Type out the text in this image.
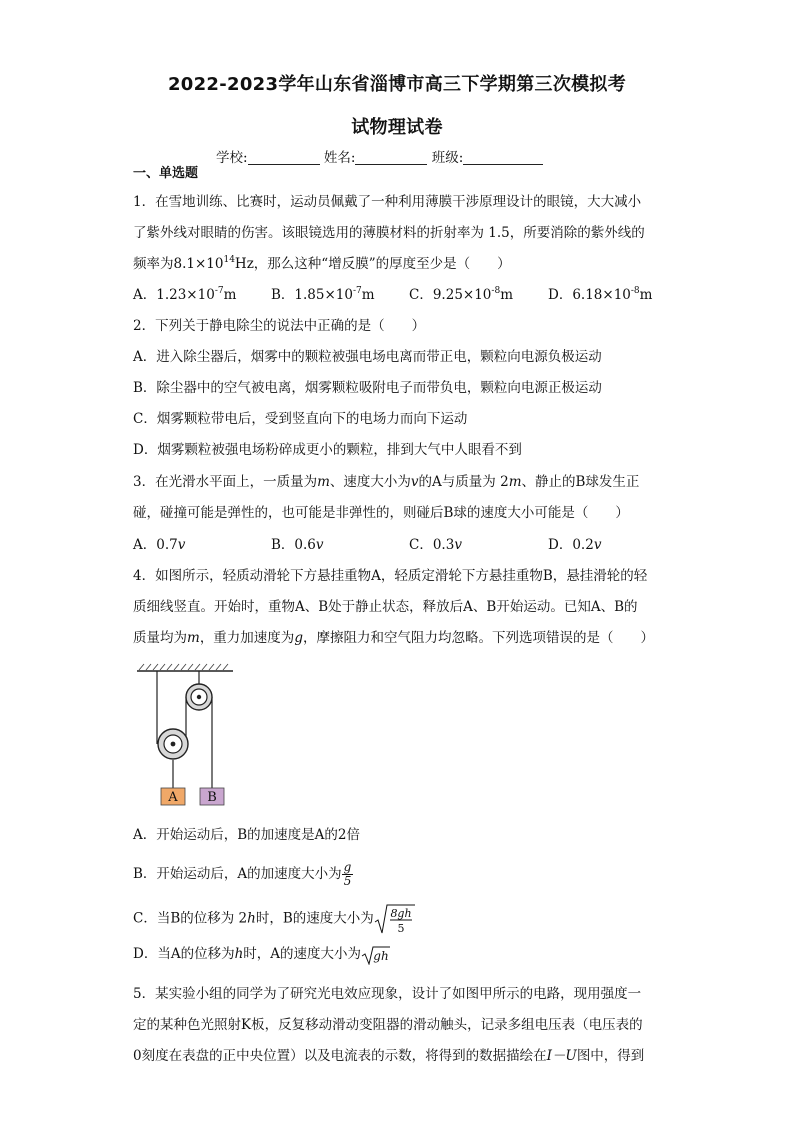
2022-2023学年山东省淄博市高三下学期第三次模拟考
试物理试卷
学校:	姓名:	班级:
一、单选题
1．在雪地训练、比赛时，运动员佩戴了一种利用薄膜干涉原理设计的眼镜，大大减小
了紫外线对眼睛的伤害。该眼镜选用的薄膜材料的折射率为 1.5，所要消除的紫外线的
频率为$8.1\times 10^{14}Hz$，那么这种“增反膜”的厚度至少是（　　）
A．$1.23\times 10^{-7}m$	B．$1.85\times 10^{-7}m$	C．$9.25\times 10^{-8}m$	D．$6.18\times 10^{-8}m$
2．下列关于静电除尘的说法中正确的是（　　）
A．进入除尘器后，烟雾中的颗粒被强电场电离而带正电，颗粒向电源负极运动
B．除尘器中的空气被电离，烟雾颗粒吸附电子而带负电，颗粒向电源正极运动
C．烟雾颗粒带电后，受到竖直向下的电场力而向下运动
D．烟雾颗粒被强电场粉碎成更小的颗粒，排到大气中人眼看不到
3．在光滑水平面上，一质量为m、速度大小为v的A与质量为 2m、静止的B球发生正
碰，碰撞可能是弹性的，也可能是非弹性的，则碰后B球的速度大小可能是（　　）
A．0.7v	B．0.6v	C．0.3v	D．0.2v
4．如图所示，轻质动滑轮下方悬挂重物A，轻质定滑轮下方悬挂重物B，悬挂滑轮的轻
质细线竖直。开始时，重物A、B处于静止状态，释放后A、B开始运动。已知A、B的
质量均为m，重力加速度为g，摩擦阻力和空气阻力均忽略。下列选项错误的是（　　）
A B
A．开始运动后，B的加速度是A的2倍
B．开始运动后，A的加速度大小为 $\frac{g}{5}$
C．当B的位移为 2h时，B的速度大小为 8gh
5
D．当A的位移为h时，A的速度大小为 gh
5．某实验小组的同学为了研究光电效应现象，设计了如图甲所示的电路，现用强度一
定的某种色光照射K板，反复移动滑动变阻器的滑动触头，记录多组电压表（电压表的
0刻度在表盘的正中央位置）以及电流表的示数，将得到的数据描绘在I－U图中，得到
